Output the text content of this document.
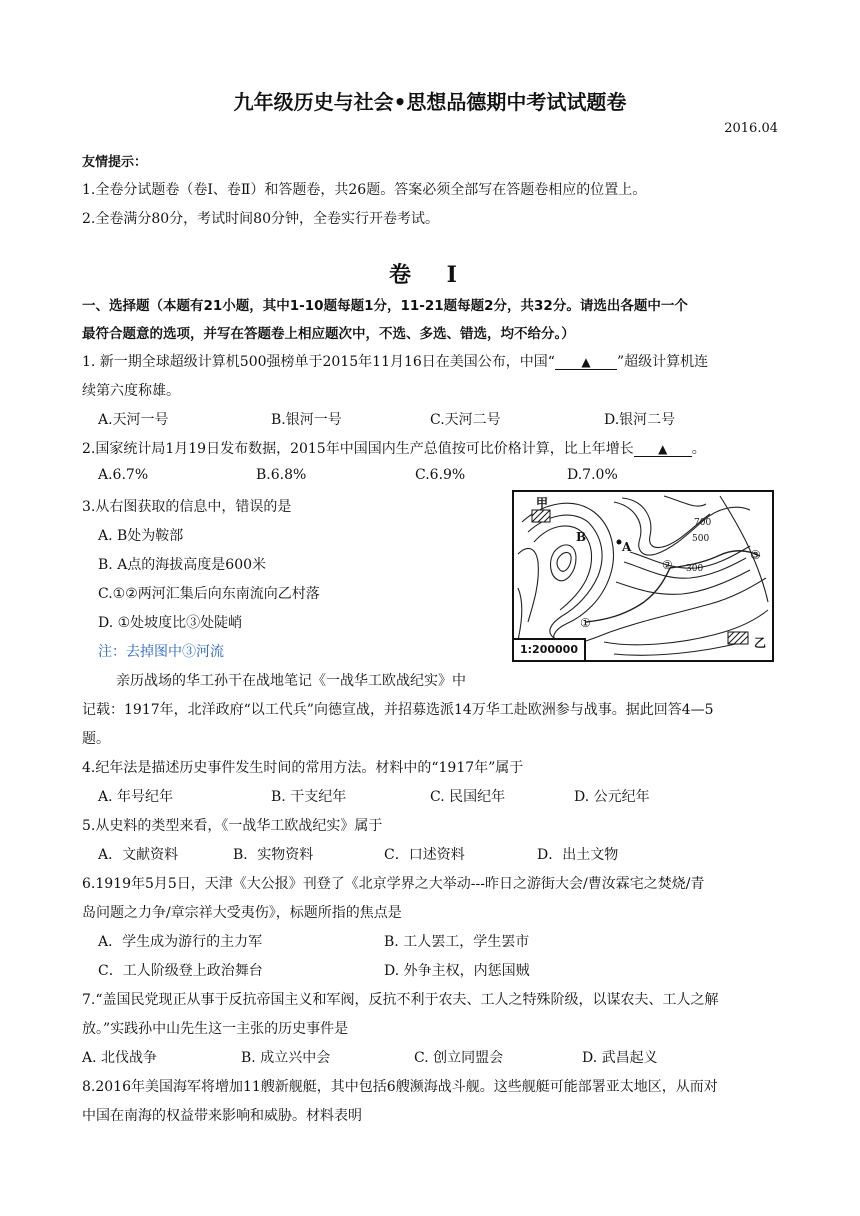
九年级历史与社会•思想品德期中考试试题卷
2016.04
友情提示：
1.全卷分试题卷（卷Ⅰ、卷Ⅱ）和答题卷，共26题。答案必须全部写在答题卷相应的位置上。
2.全卷满分80分，考试时间80分钟，全卷实行开卷考试。
卷 I
一、选择题（本题有21小题，其中1-10题每题1分，11-21题每题2分，共32分。请选出各题中一个
最符合题意的选项，并写在答题卷上相应题次中，不选、多选、错选，均不给分。）
1. 新一期全球超级计算机500强榜单于2015年11月16日在美国公布，中国“ ▲ ”超级计算机连
续第六度称雄。
A.天河一号	B.银河一号	C.天河二号	D.银河二号
2.国家统计局1月19日发布数据，2015年中国国内生产总值按可比价格计算，比上年增长 ▲ 。
A.6.7%	B.6.8%	C.6.9%	D.7.0%
3.从右图获取的信息中，错误的是
A. B处为鞍部
B. A点的海拔高度是600米
C.①②两河汇集后向东南流向乙村落
D. ①处坡度比③处陡峭
注：去掉图中③河流
甲
乙
A
B
700
500
300
①
②
③
1:200000
亲历战场的华工孙干在战地笔记《一战华工欧战纪实》中
记载：1917年，北洋政府“以工代兵”向德宣战，并招募选派14万华工赴欧洲参与战事。据此回答4—5
题。
4.纪年法是描述历史事件发生时间的常用方法。材料中的“1917年”属于
A. 年号纪年	B. 干支纪年	C. 民国纪年	D. 公元纪年
5.从史料的类型来看，《一战华工欧战纪实》属于
A．文献资料	B．实物资料	C．口述资料	D．出土文物
6.1919年5月5日，天津《大公报》刊登了《北京学界之大举动---昨日之游街大会/曹汝霖宅之焚烧/青
岛问题之力争/章宗祥大受夷伤》，标题所指的焦点是
A．学生成为游行的主力军	B. 工人罢工，学生罢市
C．工人阶级登上政治舞台	D. 外争主权，内惩国贼
7.“盖国民党现正从事于反抗帝国主义和军阀，反抗不利于农夫、工人之特殊阶级，以谋农夫、工人之解
放。”实践孙中山先生这一主张的历史事件是
A. 北伐战争	B. 成立兴中会	C. 创立同盟会	D. 武昌起义
8.2016年美国海军将增加11艘新舰艇，其中包括6艘濒海战斗舰。这些舰艇可能部署亚太地区，从而对
中国在南海的权益带来影响和威胁。材料表明
